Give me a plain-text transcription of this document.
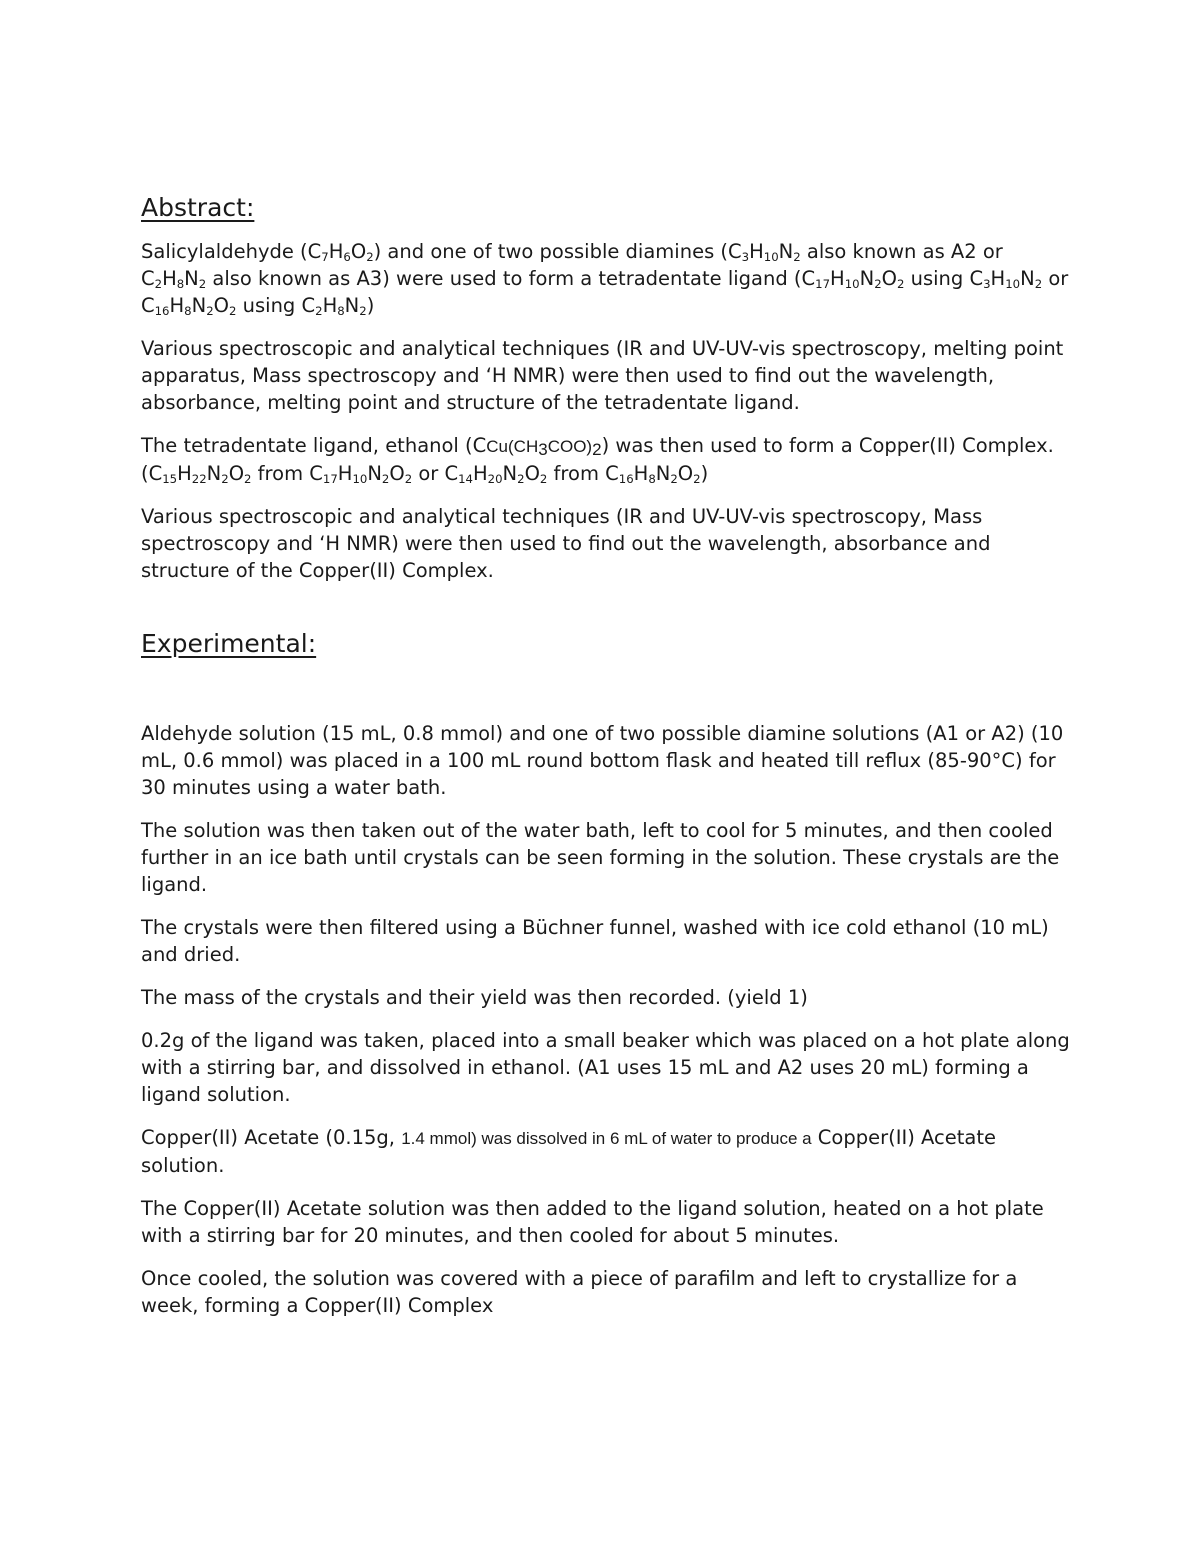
Abstract:

Salicylaldehyde $(C_7H_6O_2)$ and one of two possible diamines ($C_3H_{10}N_2$ also known as A2 or $C_2H_8N_2$ also known as A3) were used to form a tetradentate ligand ($C_{17}H_{10}N_2O_2$ using $C_3H_{10}N_2$ or $C_{16}H_8N_2O_2$ using $C_2H_8N_2$)

Various spectroscopic and analytical techniques (IR and UV-UV-vis spectroscopy, melting point apparatus, Mass spectroscopy and ‘H NMR) were then used to find out the wavelength, absorbance, melting point and structure of the tetradentate ligand.

The tetradentate ligand, ethanol $(CCu(CH_3COO)_2)$ was then used to form a Copper(II) Complex. ($C_{15}H_{22}N_2O_2$ from $C_{17}H_{10}N_2O_2$ or $C_{14}H_{20}N_2O_2$ from $C_{16}H_8N_2O_2$)

Various spectroscopic and analytical techniques (IR and UV-UV-vis spectroscopy, Mass spectroscopy and ‘H NMR) were then used to find out the wavelength, absorbance and structure of the Copper(II) Complex.

Experimental:

Aldehyde solution (15 mL, 0.8 mmol) and one of two possible diamine solutions (A1 or A2) (10 mL, 0.6 mmol) was placed in a 100 mL round bottom flask and heated till reflux (85-90°C) for 30 minutes using a water bath.

The solution was then taken out of the water bath, left to cool for 5 minutes, and then cooled further in an ice bath until crystals can be seen forming in the solution. These crystals are the ligand.

The crystals were then filtered using a Büchner funnel, washed with ice cold ethanol (10 mL) and dried.

The mass of the crystals and their yield was then recorded. (yield 1)

0.2g of the ligand was taken, placed into a small beaker which was placed on a hot plate along with a stirring bar, and dissolved in ethanol. (A1 uses 15 mL and A2 uses 20 mL) forming a ligand solution.

Copper(II) Acetate (0.15g, 1.4 mmol) was dissolved in 6 mL of water to produce a Copper(II) Acetate solution.

The Copper(II) Acetate solution was then added to the ligand solution, heated on a hot plate with a stirring bar for 20 minutes, and then cooled for about 5 minutes.

Once cooled, the solution was covered with a piece of parafilm and left to crystallize for a week, forming a Copper(II) Complex
